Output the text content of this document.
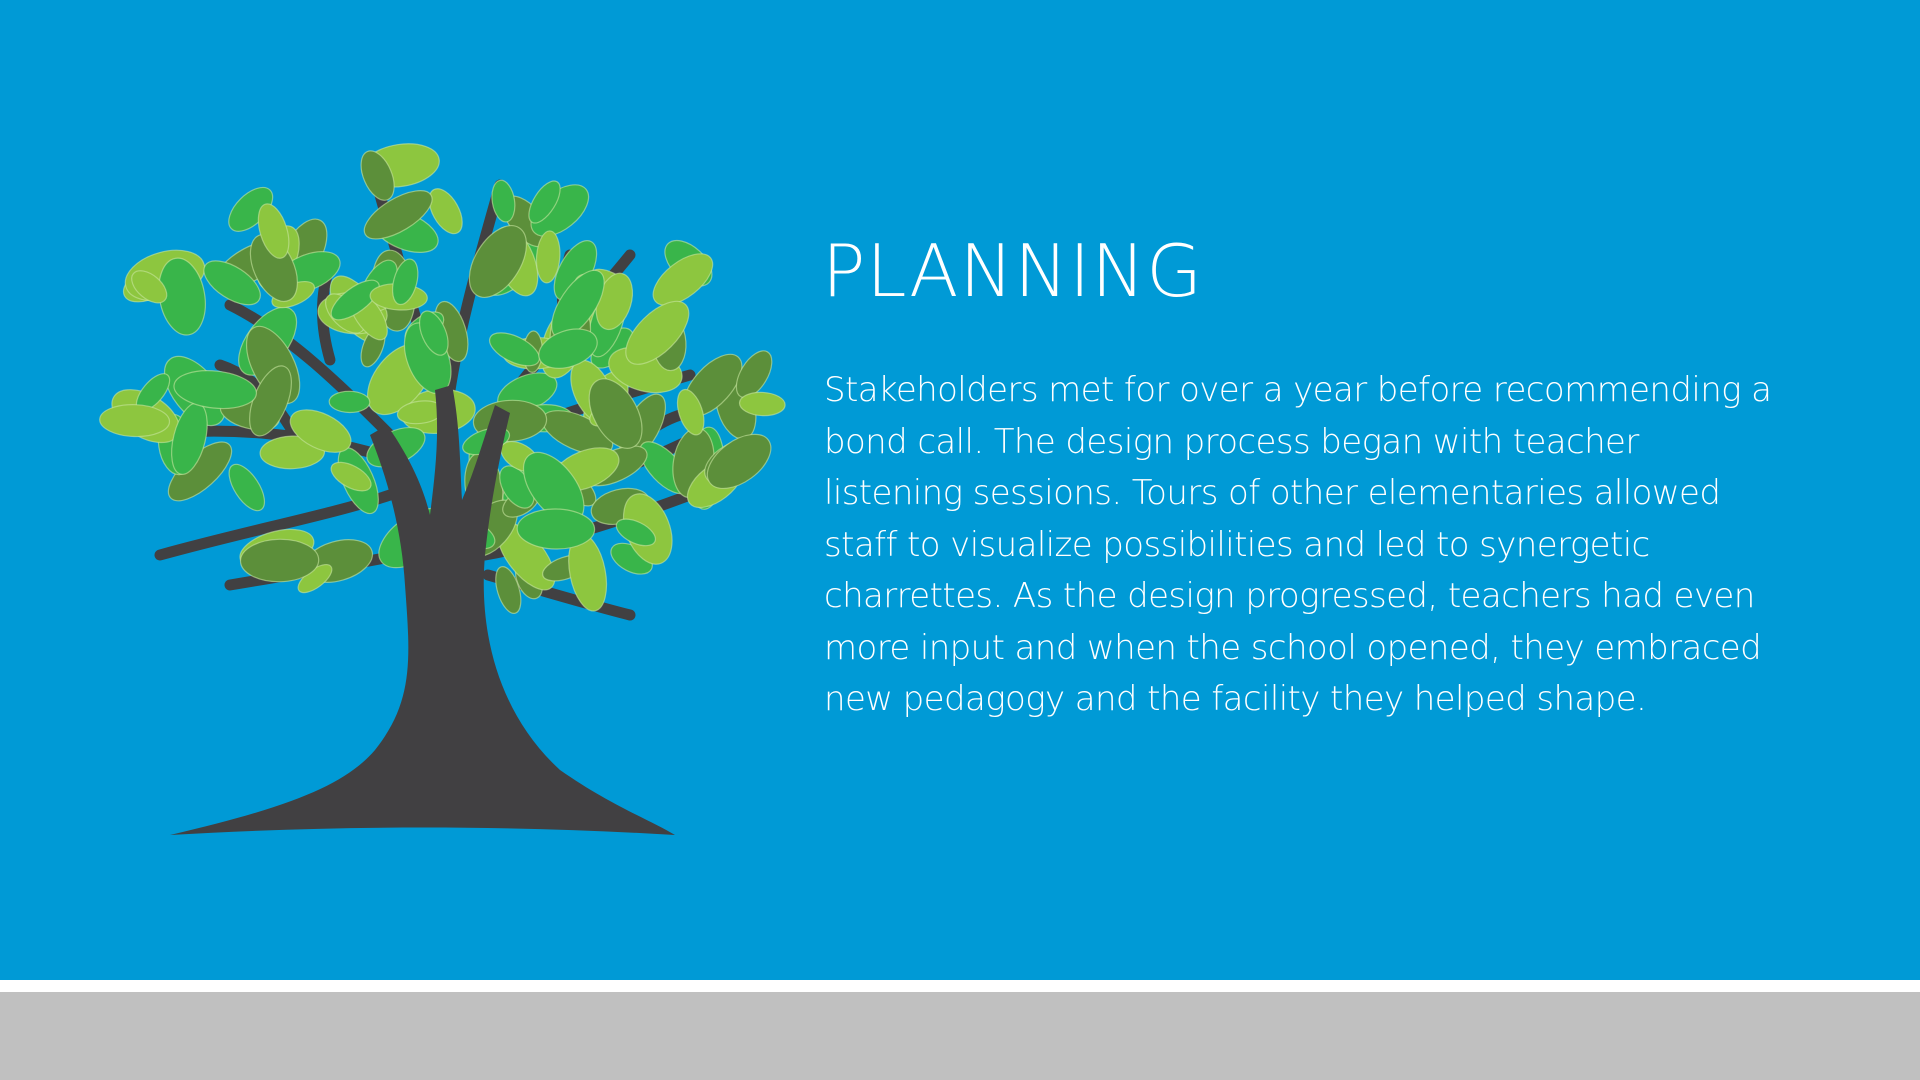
PLANNING

Stakeholders met for over a year before recommending a bond call. The design process began with teacher listening sessions. Tours of other elementaries allowed staff to visualize possibilities and led to synergetic charrettes. As the design progressed, teachers had even more input and when the school opened, they embraced new pedagogy and the facility they helped shape.
